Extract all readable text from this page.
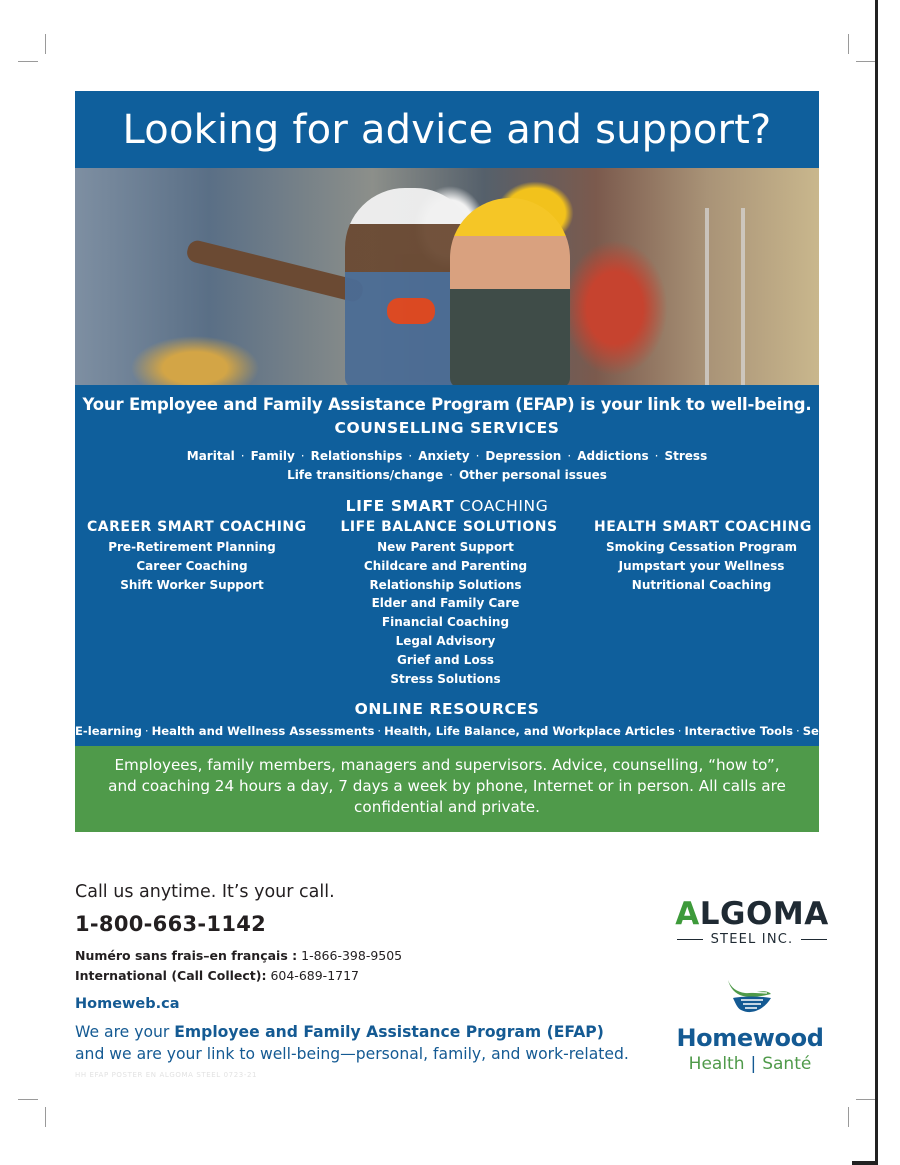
Looking for advice and support?
Your Employee and Family Assistance Program (EFAP) is your link to well-being.
COUNSELLING SERVICES
Marital · Family · Relationships · Anxiety · Depression · Addictions · Stress
Life transitions/change · Other personal issues
LIFE SMART COACHING
CAREER SMART COACHING
Pre-Retirement Planning
Career Coaching
Shift Worker Support
LIFE BALANCE SOLUTIONS
New Parent Support
Childcare and Parenting
Relationship Solutions
Elder and Family Care
Financial Coaching
Legal Advisory
Grief and Loss
Stress Solutions
HEALTH SMART COACHING
Smoking Cessation Program
Jumpstart your Wellness
Nutritional Coaching
ONLINE RESOURCES
E-learning · Health and Wellness Assessments · Health, Life Balance, and Workplace Articles · Interactive Tools · Sentio
Employees, family members, managers and supervisors. Advice, counselling, “how to”, and coaching 24 hours a day, 7 days a week by phone, Internet or in person. All calls are confidential and private.
Call us anytime. It’s your call.
1-800-663-1142
Numéro sans frais–en français : 1-866-398-9505
International (Call Collect): 604-689-1717
Homeweb.ca
We are your Employee and Family Assistance Program (EFAP) and we are your link to well-being—personal, family, and work-related.
HH EFAP POSTER EN ALGOMA STEEL 0723-21
ALGOMA
STEEL INC.
Homewood
Health | Santé
